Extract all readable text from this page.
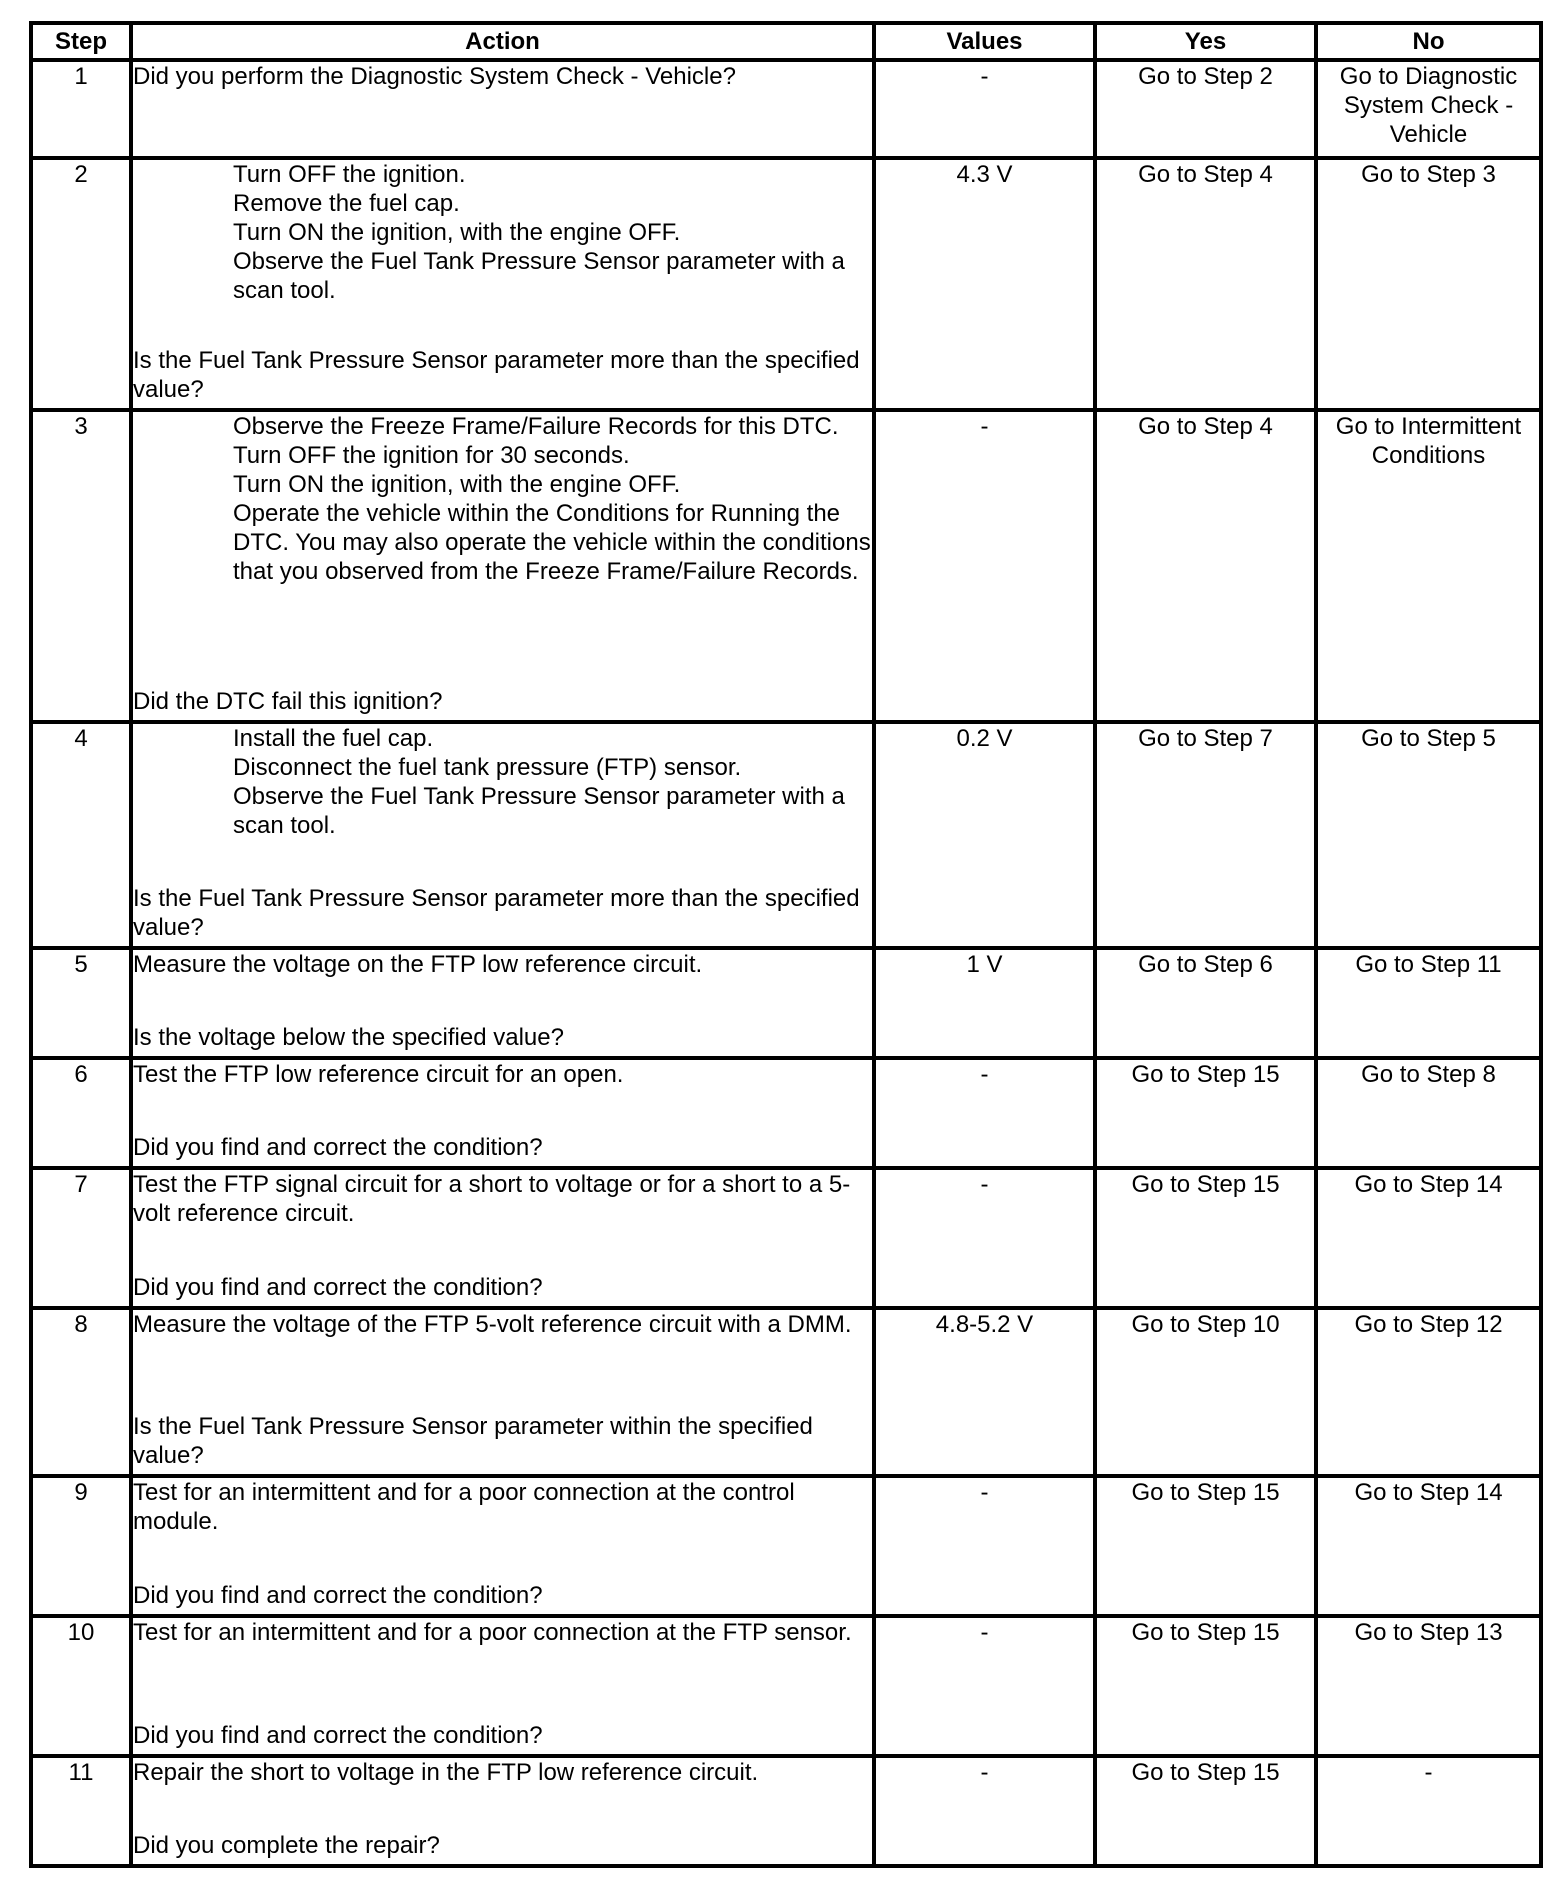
Step	Action	Values	Yes	No
1	Did you perform the Diagnostic System Check - Vehicle?	-	Go to Step 2	Go to Diagnostic System Check - Vehicle
2	Turn OFF the ignition.
Remove the fuel cap.
Turn ON the ignition, with the engine OFF.
Observe the Fuel Tank Pressure Sensor parameter with a scan tool.
Is the Fuel Tank Pressure Sensor parameter more than the specified value?	4.3 V	Go to Step 4	Go to Step 3
3	Observe the Freeze Frame/Failure Records for this DTC.
Turn OFF the ignition for 30 seconds.
Turn ON the ignition, with the engine OFF.
Operate the vehicle within the Conditions for Running the DTC. You may also operate the vehicle within the conditions that you observed from the Freeze Frame/Failure Records.
Did the DTC fail this ignition?	-	Go to Step 4	Go to Intermittent Conditions
4	Install the fuel cap.
Disconnect the fuel tank pressure (FTP) sensor.
Observe the Fuel Tank Pressure Sensor parameter with a scan tool.
Is the Fuel Tank Pressure Sensor parameter more than the specified value?	0.2 V	Go to Step 7	Go to Step 5
5	Measure the voltage on the FTP low reference circuit.
Is the voltage below the specified value?	1 V	Go to Step 6	Go to Step 11
6	Test the FTP low reference circuit for an open.
Did you find and correct the condition?	-	Go to Step 15	Go to Step 8
7	Test the FTP signal circuit for a short to voltage or for a short to a 5-volt reference circuit.
Did you find and correct the condition?	-	Go to Step 15	Go to Step 14
8	Measure the voltage of the FTP 5-volt reference circuit with a DMM.
Is the Fuel Tank Pressure Sensor parameter within the specified value?	4.8-5.2 V	Go to Step 10	Go to Step 12
9	Test for an intermittent and for a poor connection at the control module.
Did you find and correct the condition?	-	Go to Step 15	Go to Step 14
10	Test for an intermittent and for a poor connection at the FTP sensor.
Did you find and correct the condition?	-	Go to Step 15	Go to Step 13
11	Repair the short to voltage in the FTP low reference circuit.
Did you complete the repair?	-	Go to Step 15	-
